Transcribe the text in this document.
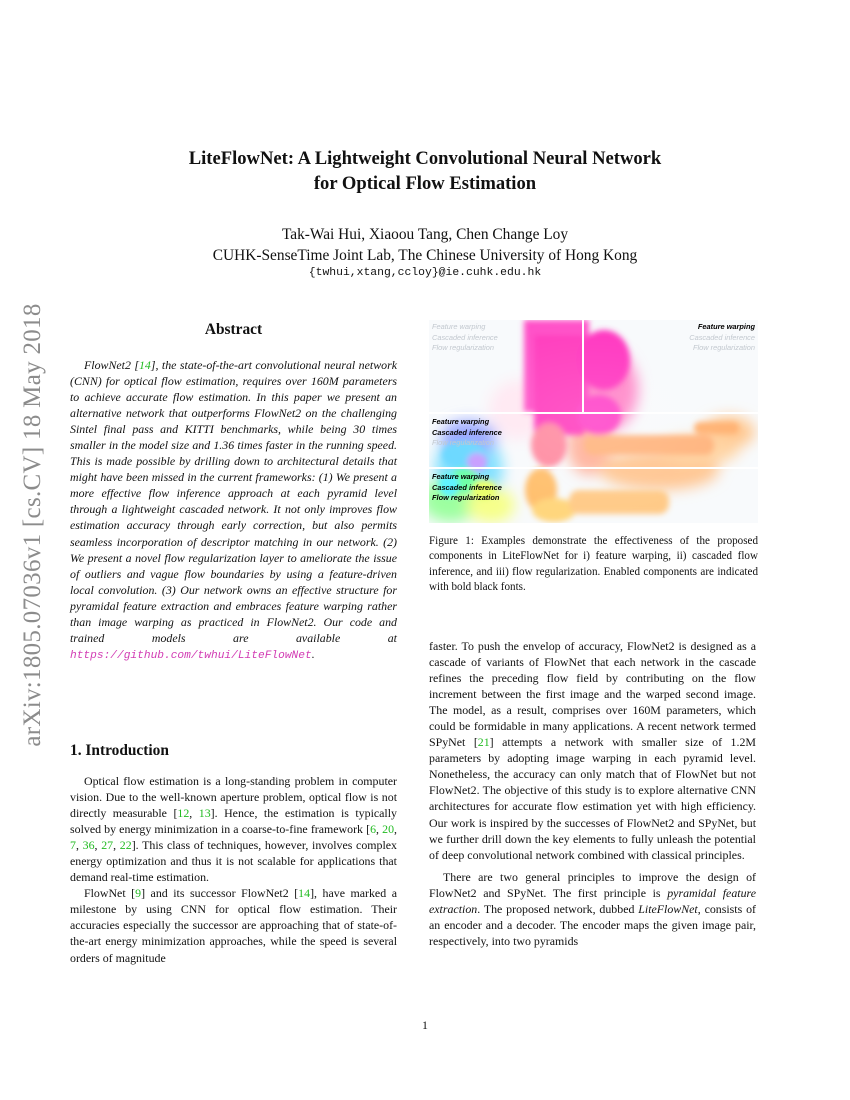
arXiv:1805.07036v1 [cs.CV] 18 May 2018
LiteFlowNet: A Lightweight Convolutional Neural Network
for Optical Flow Estimation
Tak-Wai Hui, Xiaoou Tang, Chen Change Loy
CUHK-SenseTime Joint Lab, The Chinese University of Hong Kong
{twhui,xtang,ccloy}@ie.cuhk.edu.hk
Abstract

FlowNet2 [14], the state-of-the-art convolutional neural network (CNN) for optical flow estimation, requires over 160M parameters to achieve accurate flow estimation. In this paper we present an alternative network that outperforms FlowNet2 on the challenging Sintel final pass and KITTI benchmarks, while being 30 times smaller in the model size and 1.36 times faster in the running speed. This is made possible by drilling down to architectural details that might have been missed in the current frameworks: (1) We present a more effective flow inference approach at each pyramid level through a lightweight cascaded network. It not only improves flow estimation accuracy through early correction, but also permits seamless incorporation of descriptor matching in our network. (2) We present a novel flow regularization layer to ameliorate the issue of outliers and vague flow boundaries by using a feature-driven local convolution. (3) Our network owns an effective structure for pyramidal feature extraction and embraces feature warping rather than image warping as practiced in FlowNet2. Our code and trained models are available at https://github.com/twhui/LiteFlowNet.

Feature warping
Cascaded inference
Flow regularization
Feature warping
Cascaded inference
Flow regularization
Feature warping
Cascaded inference
Flow regularization
Feature warping
Cascaded inference
Flow regularization
Figure 1: Examples demonstrate the effectiveness of the proposed components in LiteFlowNet for i) feature warping, ii) cascaded flow inference, and iii) flow regularization. Enabled components are indicated with bold black fonts.
1. Introduction

Optical flow estimation is a long-standing problem in computer vision. Due to the well-known aperture problem, optical flow is not directly measurable [12, 13]. Hence, the estimation is typically solved by energy minimization in a coarse-to-fine framework [6, 20, 7, 36, 27, 22]. This class of techniques, however, involves complex energy optimization and thus it is not scalable for applications that demand real-time estimation.

FlowNet [9] and its successor FlowNet2 [14], have marked a milestone by using CNN for optical flow estimation. Their accuracies especially the successor are approaching that of state-of-the-art energy minimization approaches, while the speed is several orders of magnitude

faster. To push the envelop of accuracy, FlowNet2 is designed as a cascade of variants of FlowNet that each network in the cascade refines the preceding flow field by contributing on the flow increment between the first image and the warped second image. The model, as a result, comprises over 160M parameters, which could be formidable in many applications. A recent network termed SPyNet [21] attempts a network with smaller size of 1.2M parameters by adopting image warping in each pyramid level. Nonetheless, the accuracy can only match that of FlowNet but not FlowNet2. The objective of this study is to explore alternative CNN architectures for accurate flow estimation yet with high efficiency. Our work is inspired by the successes of FlowNet2 and SPyNet, but we further drill down the key elements to fully unleash the potential of deep convolutional network combined with classical principles.

There are two general principles to improve the design of FlowNet2 and SPyNet. The first principle is pyramidal feature extraction. The proposed network, dubbed LiteFlowNet, consists of an encoder and a decoder. The encoder maps the given image pair, respectively, into two pyramids

1
